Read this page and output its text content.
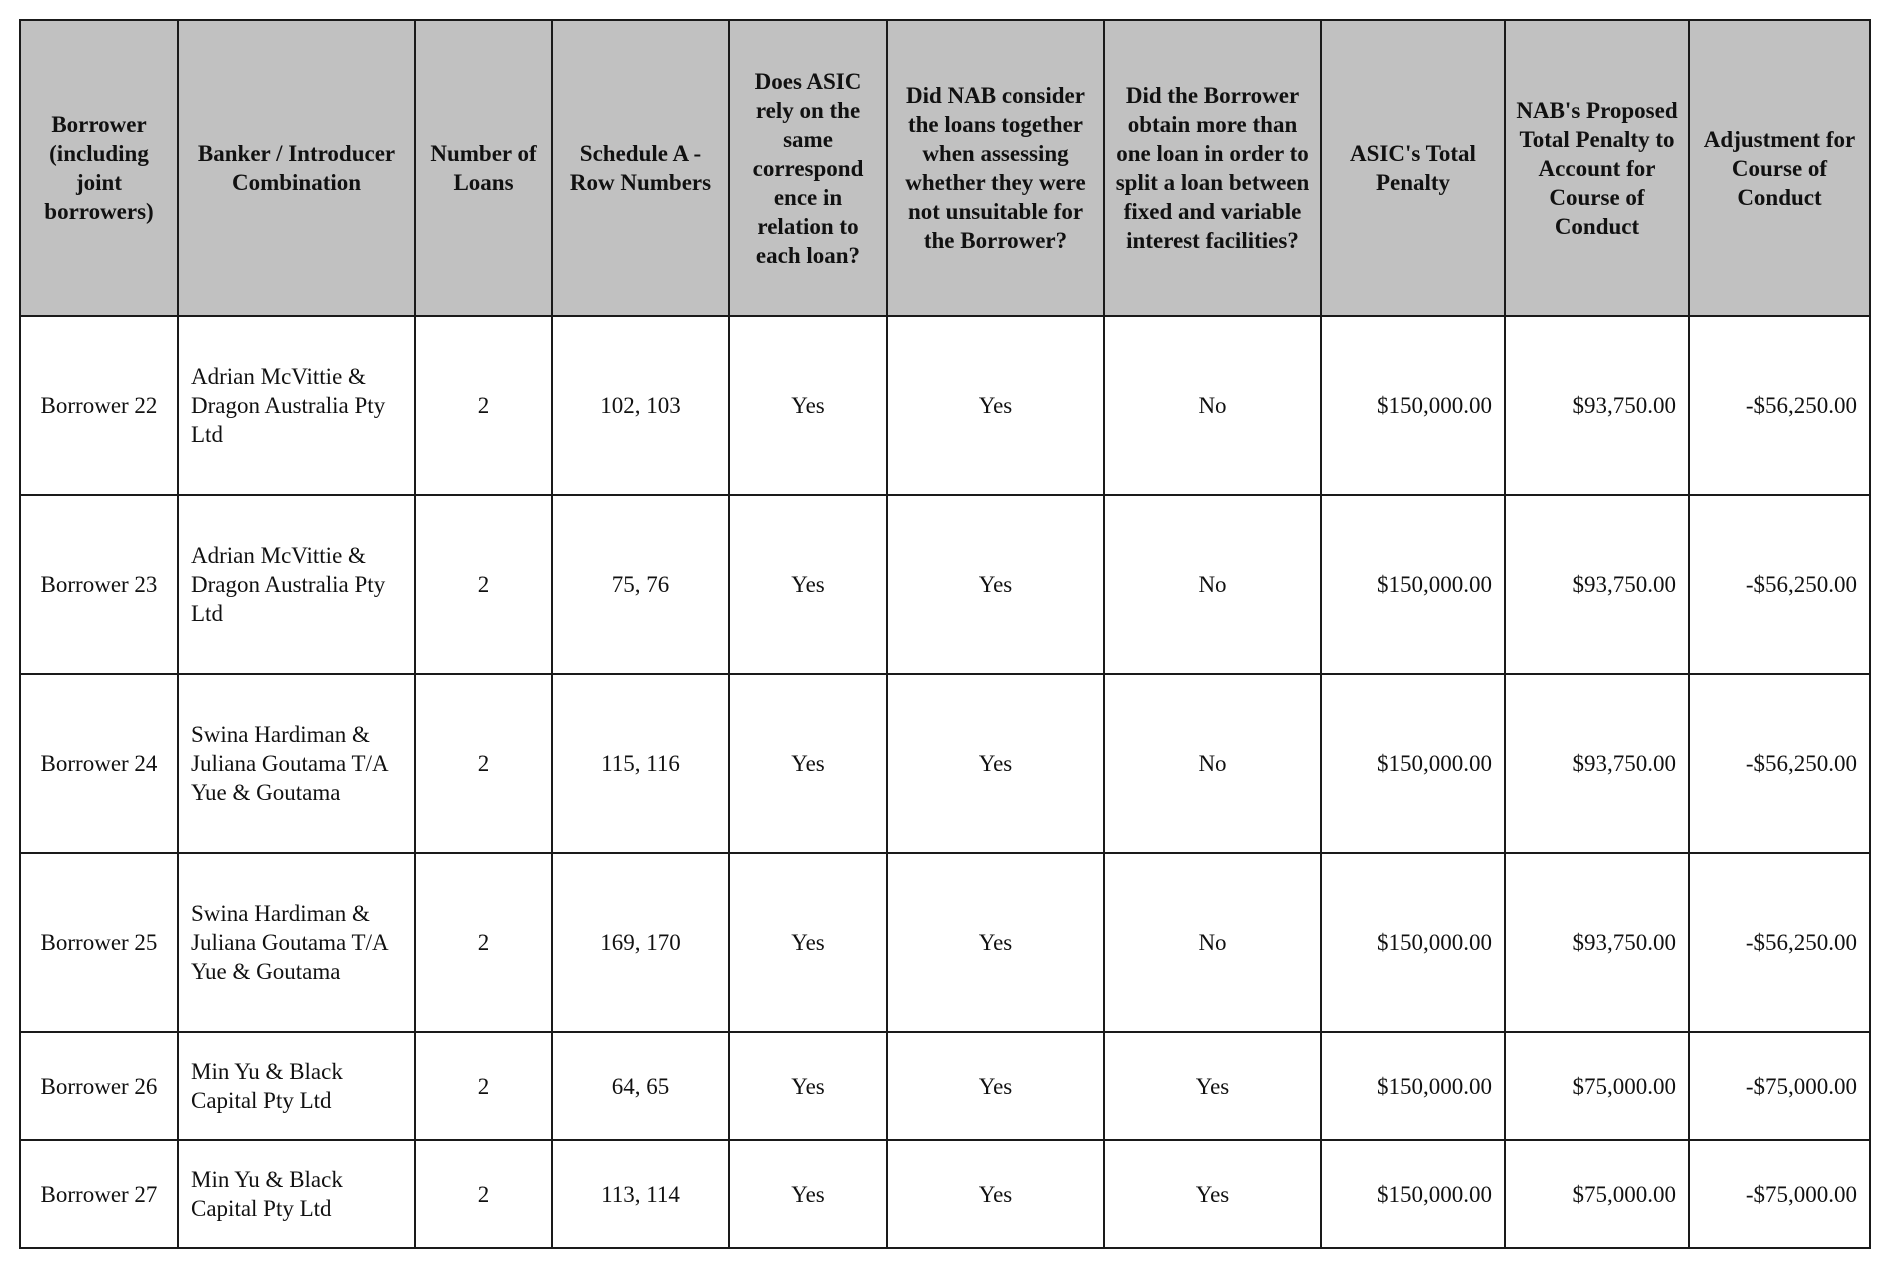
Borrower (including joint borrowers)	Banker / Introducer Combination	Number of Loans	Schedule A - Row Numbers	Does ASIC rely on the same correspond ence in relation to each loan?	Did NAB consider the loans together when assessing whether they were not unsuitable for the Borrower?	Did the Borrower obtain more than one loan in order to split a loan between fixed and variable interest facilities?	ASIC's Total Penalty	NAB's Proposed Total Penalty to Account for Course of Conduct	Adjustment for Course of Conduct
Borrower 22	Adrian McVittie & Dragon Australia Pty Ltd	2	102, 103	Yes	Yes	No	$150,000.00	$93,750.00	-$56,250.00
Borrower 23	Adrian McVittie & Dragon Australia Pty Ltd	2	75, 76	Yes	Yes	No	$150,000.00	$93,750.00	-$56,250.00
Borrower 24	Swina Hardiman & Juliana Goutama T/A Yue & Goutama	2	115, 116	Yes	Yes	No	$150,000.00	$93,750.00	-$56,250.00
Borrower 25	Swina Hardiman & Juliana Goutama T/A Yue & Goutama	2	169, 170	Yes	Yes	No	$150,000.00	$93,750.00	-$56,250.00
Borrower 26	Min Yu & Black Capital Pty Ltd	2	64, 65	Yes	Yes	Yes	$150,000.00	$75,000.00	-$75,000.00
Borrower 27	Min Yu & Black Capital Pty Ltd	2	113, 114	Yes	Yes	Yes	$150,000.00	$75,000.00	-$75,000.00
